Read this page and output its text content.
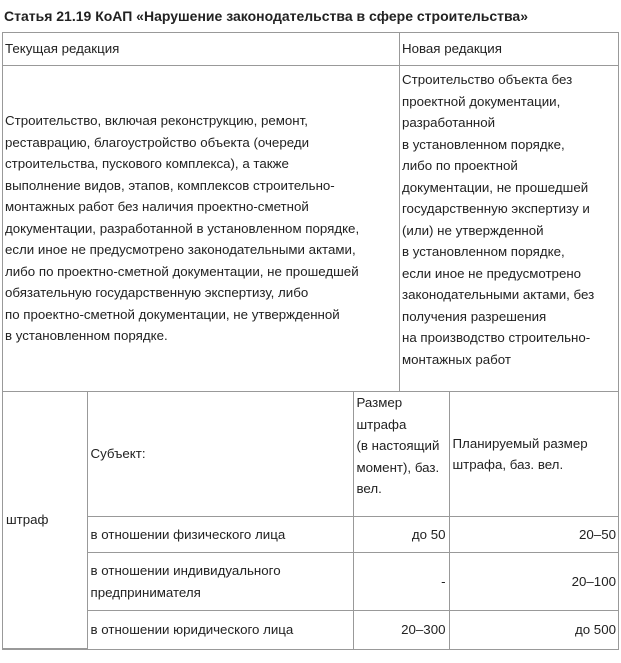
Статья 21.19 КоАП «Нарушение законодательства в сфере строительства»
Текущая редакция	Новая редакция
Строительство, включая реконструкцию, ремонт,
реставрацию, благоустройство объекта (очереди
строительства, пускового комплекса), а также
выполнение видов, этапов, комплексов строительно-
монтажных работ без наличия проектно-сметной
документации, разработанной в установленном порядке,
если иное не предусмотрено законодательными актами,
либо по проектно-сметной документации, не прошедшей
обязательную государственную экспертизу, либо
по проектно-сметной документации, не утвержденной
в установленном порядке.	Строительство объекта без
проектной документации,
разработанной
в установленном порядке,
либо по проектной
документации, не прошедшей
государственную экспертизу и
(или) не утвержденной
в установленном порядке,
если иное не предусмотрено
законодательными актами, без
получения разрешения
на производство строительно-
монтажных работ

штраф	Субъект:	Размер
штрафа
(в настоящий
момент), баз.
вел.	Планируемый размер
штрафа, баз. вел.
в отношении физического лица	до 50	20–50
в отношении индивидуального
предпринимателя	-	20–100
в отношении юридического лица	20–300	до 500
